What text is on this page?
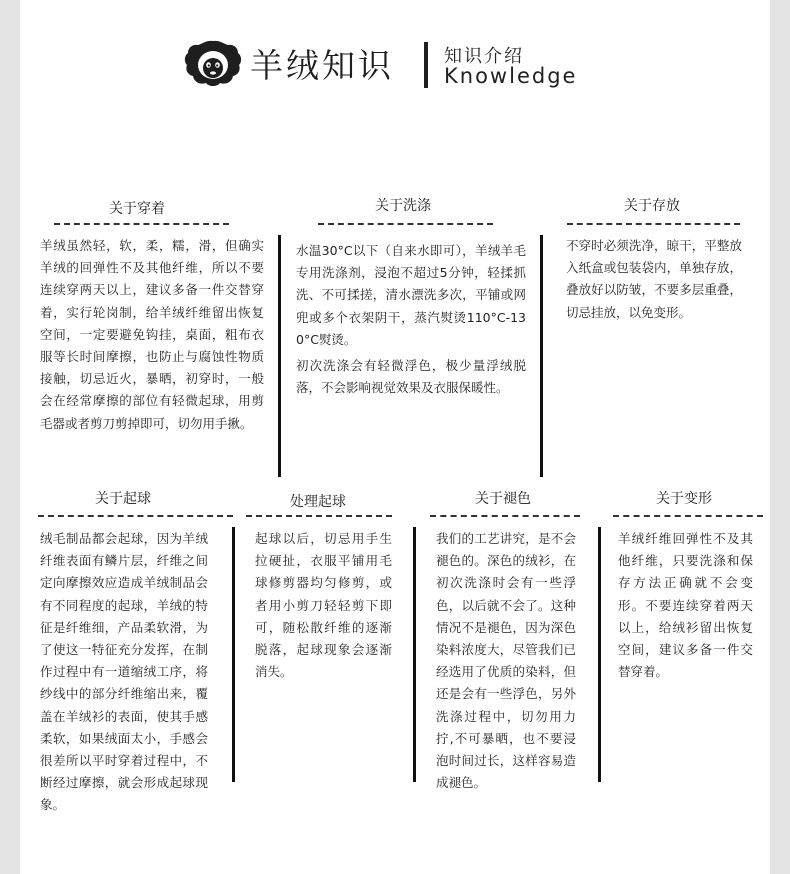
羊绒知识	知识介绍
Knowledge
关于穿着
羊绒虽然轻，软，柔，糯，滑，但确实羊绒的回弹性不及其他纤维，所以不要连续穿两天以上，建议多备一件交替穿着，实行轮岗制，给羊绒纤维留出恢复空间，一定要避免钩挂，桌面，粗布衣服等长时间摩擦，也防止与腐蚀性物质接触，切忌近火，暴晒，初穿时，一般会在经常摩擦的部位有轻微起球，用剪毛器或者剪刀剪掉即可，切勿用手揪。
关于洗涤

水温30°C以下（自来水即可），羊绒羊毛专用洗涤剂，浸泡不超过5分钟，轻揉抓洗、不可揉搓，清水漂洗多次，平铺或网兜或多个衣架阴干，蒸汽熨烫110°C-130°C熨烫。

初次洗涤会有轻微浮色，极少量浮绒脱落，不会影响视觉效果及衣服保暖性。

关于存放
不穿时必须洗净，晾干，平整放入纸盒或包装袋内，单独存放，叠放好以防皱，不要多层重叠，切忌挂放，以免变形。
关于起球
绒毛制品都会起球，因为羊绒纤维表面有鳞片层，纤维之间定向摩擦效应造成羊绒制品会有不同程度的起球，羊绒的特征是纤维细，产品柔软滑，为了使这一特征充分发挥，在制作过程中有一道缩绒工序，将纱线中的部分纤维缩出来，覆盖在羊绒衫的表面，使其手感柔软，如果绒面太小，手感会很差所以平时穿着过程中，不断经过摩擦，就会形成起球现象。
处理起球
起球以后，切忌用手生拉硬扯，衣服平铺用毛球修剪器均匀修剪，或者用小剪刀轻轻剪下即可，随松散纤维的逐渐脱落，起球现象会逐渐消失。
关于褪色
我们的工艺讲究，是不会褪色的。深色的绒衫，在初次洗涤时会有一些浮色，以后就不会了。这种情况不是褪色，因为深色染料浓度大，尽管我们已经选用了优质的染料，但还是会有一些浮色，另外洗涤过程中，切勿用力拧,不可暴晒，也不要浸泡时间过长，这样容易造成褪色。
关于变形
羊绒纤维回弹性不及其他纤维，只要洗涤和保存方法正确就不会变形。不要连续穿着两天以上，给绒衫留出恢复空间，建议多备一件交替穿着。
